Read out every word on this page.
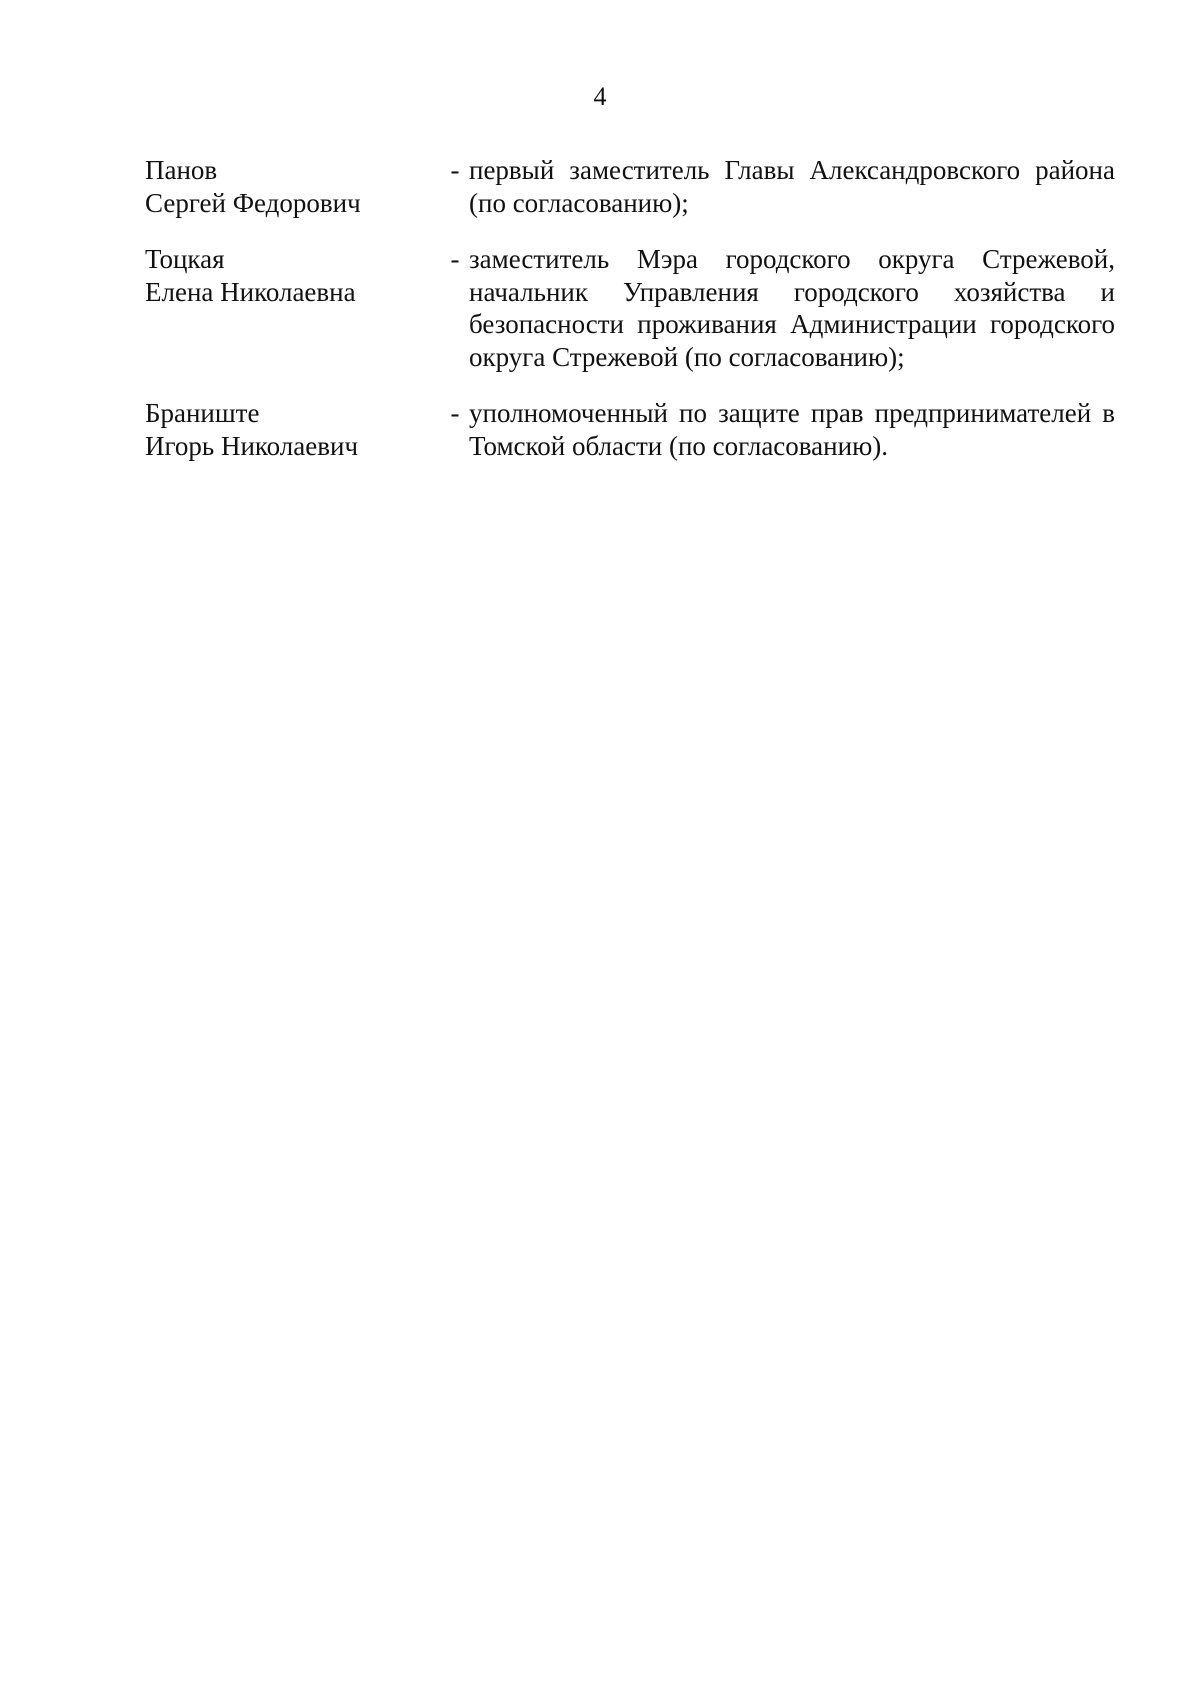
4
Панов
Сергей Федорович
- первый заместитель Главы Александровского района (по согласованию);
Тоцкая
Елена Николаевна
- заместитель Мэра городского округа Стрежевой, начальник Управления городского хозяйства и безопасности проживания Администрации городского округа Стрежевой (по согласованию);
Браниште
Игорь Николаевич
- уполномоченный по защите прав предпринимателей в Томской области (по согласованию).
